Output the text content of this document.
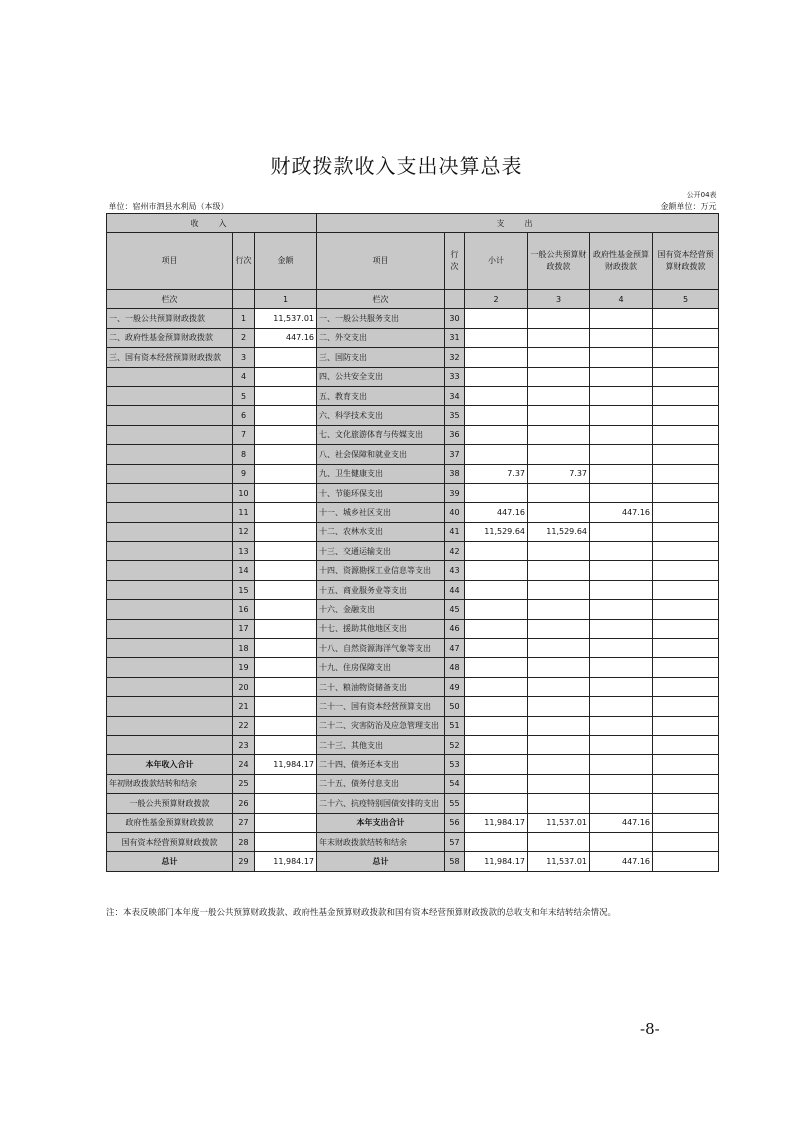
财政拨款收入支出决算总表
公开04表								
单位：宿州市泗县水利局（本级）					金额单位：万元			
收　入			支　出					
项目	行次	金额	项目	行次	小计	一般公共预算财政拨款	政府性基金预算财政拨款	国有资本经营预算财政拨款
栏次		1	栏次		2	3	4	5
一、一般公共预算财政拨款	1	11,537.01	一、一般公共服务支出	30				
二、政府性基金预算财政拨款	2	447.16	二、外交支出	31				
三、国有资本经营预算财政拨款	3		三、国防支出	32				
	4		四、公共安全支出	33				
	5		五、教育支出	34				
	6		六、科学技术支出	35				
	7		七、文化旅游体育与传媒支出	36				
	8		八、社会保障和就业支出	37				
	9		九、卫生健康支出	38	7.37	7.37		
	10		十、节能环保支出	39				
	11		十一、城乡社区支出	40	447.16		447.16	
	12		十二、农林水支出	41	11,529.64	11,529.64		
	13		十三、交通运输支出	42				
	14		十四、资源勘探工业信息等支出	43				
	15		十五、商业服务业等支出	44				
	16		十六、金融支出	45				
	17		十七、援助其他地区支出	46				
	18		十八、自然资源海洋气象等支出	47				
	19		十九、住房保障支出	48				
	20		二十、粮油物资储备支出	49				
	21		二十一、国有资本经营预算支出	50				
	22		二十二、灾害防治及应急管理支出	51				
	23		二十三、其他支出	52				
本年收入合计	24	11,984.17	二十四、债务还本支出	53				
年初财政拨款结转和结余	25		二十五、债务付息支出	54				
一般公共预算财政拨款	26		二十六、抗疫特别国债安排的支出	55				
政府性基金预算财政拨款	27		本年支出合计	56	11,984.17	11,537.01	447.16	
国有资本经营预算财政拨款	28		年末财政拨款结转和结余	57				
总计	29	11,984.17	总计	58	11,984.17	11,537.01	447.16	
注：本表反映部门本年度一般公共预算财政拨款、政府性基金预算财政拨款和国有资本经营预算财政拨款的总收支和年末结转结余情况。
-8-
